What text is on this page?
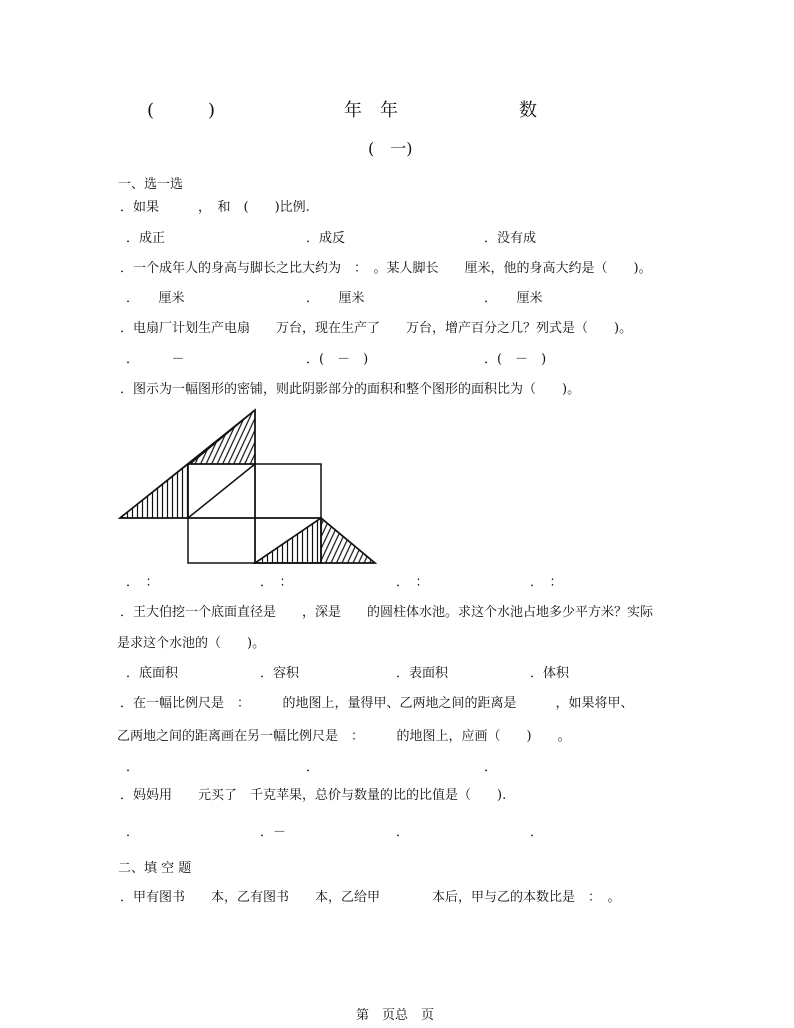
(　　　)	年　年	数
(　一)
一、选一选
．如果　　　，　和　(　　)比例.
．成正	．成反	．没有成
．一个成年人的身高与脚长之比大约为　：　。某人脚长　　厘米，他的身高大约是（　　)。
．　　厘米	．　　厘米	．　　厘米
．电扇厂计划生产电扇　　万台，现在生产了　　万台，增产百分之几？列式是（　　)。
．　　　－	．(　－　)	．(　－　)
．图示为一幅图形的密铺，则此阴影部分的面积和整个图形的面积比为（　　)。
．　：	．　：	．　：	．　：
．王大伯挖一个底面直径是　　，深是　　的圆柱体水池。求这个水池占地多少平方米？实际
是求这个水池的（　　)。
．底面积	．容积	．表面积	．体积
．在一幅比例尺是　：　　　的地图上，量得甲、乙两地之间的距离是　　　，如果将甲、
乙两地之间的距离画在另一幅比例尺是　：　　　的地图上，应画（　　)　　。
．	．	．
．妈妈用　　元买了　千克苹果，总价与数量的比的比值是（　　).
．	．－	．	．
二、填 空 题
．甲有图书　　本，乙有图书　　本，乙给甲　　　　本后，甲与乙的本数比是　：　。
第　页总　页
